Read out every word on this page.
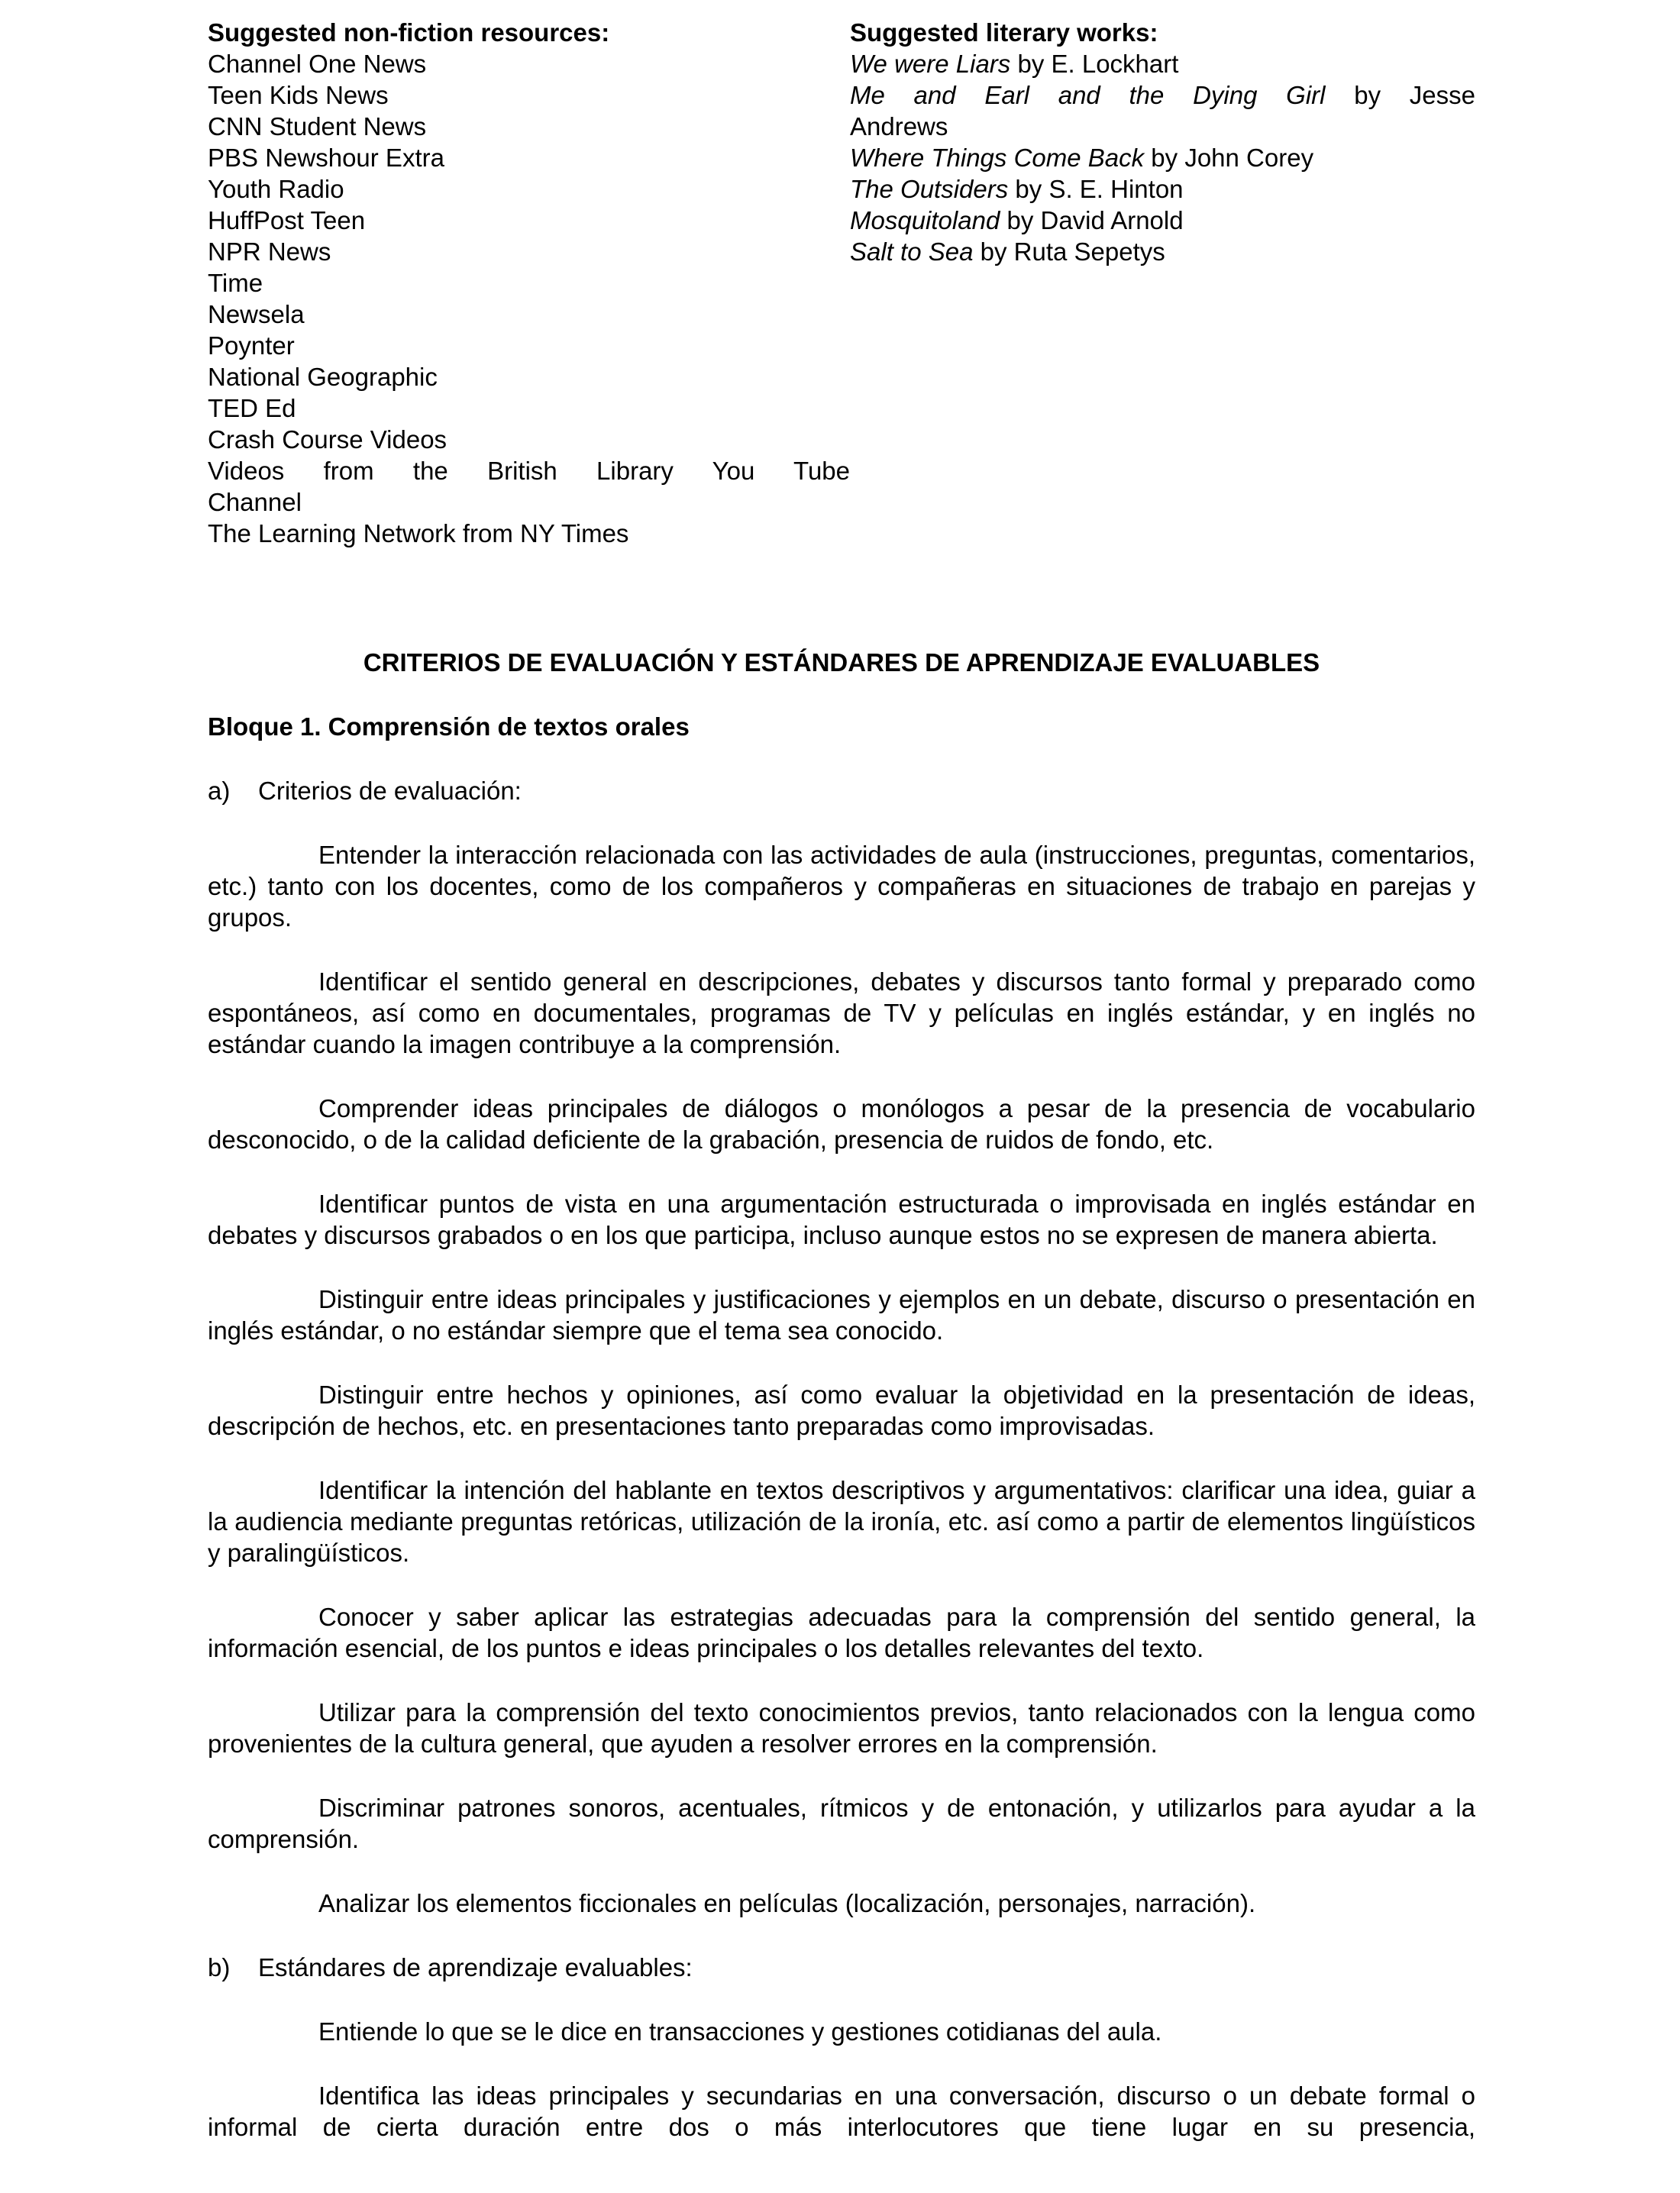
Suggested non-fiction resources:
Channel One News
Teen Kids News
CNN Student News
PBS Newshour Extra
Youth Radio
HuffPost Teen
NPR News
Time
Newsela
Poynter
National Geographic
TED Ed
Crash Course Videos
Videos from the British Library You Tube
Channel
The Learning Network from NY Times
Suggested literary works:
We were Liars by E. Lockhart
Me and Earl and the Dying Girl by Jesse
Andrews
Where Things Come Back by John Corey
The Outsiders by S. E. Hinton
Mosquitoland by David Arnold
Salt to Sea by Ruta Sepetys
CRITERIOS DE EVALUACIÓN Y ESTÁNDARES DE APRENDIZAJE EVALUABLES
Bloque 1. Comprensión de textos orales
a) Criterios de evaluación:

Entender la interacción relacionada con las actividades de aula (instrucciones, preguntas, comentarios, etc.) tanto con los docentes, como de los compañeros y compañeras en situaciones de trabajo en parejas y grupos.

Identificar el sentido general en descripciones, debates y discursos tanto formal y preparado como espontáneos, así como en documentales, programas de TV y películas en inglés estándar, y en inglés no estándar cuando la imagen contribuye a la comprensión.

Comprender ideas principales de diálogos o monólogos a pesar de la presencia de vocabulario desconocido, o de la calidad deficiente de la grabación, presencia de ruidos de fondo, etc.

Identificar puntos de vista en una argumentación estructurada o improvisada en inglés estándar en debates y discursos grabados o en los que participa, incluso aunque estos no se expresen de manera abierta.

Distinguir entre ideas principales y justificaciones y ejemplos en un debate, discurso o presentación en inglés estándar, o no estándar siempre que el tema sea conocido.

Distinguir entre hechos y opiniones, así como evaluar la objetividad en la presentación de ideas, descripción de hechos, etc. en presentaciones tanto preparadas como improvisadas.

Identificar la intención del hablante en textos descriptivos y argumentativos: clarificar una idea, guiar a la audiencia mediante preguntas retóricas, utilización de la ironía, etc. así como a partir de elementos lingüísticos y paralingüísticos.

Conocer y saber aplicar las estrategias adecuadas para la comprensión del sentido general, la información esencial, de los puntos e ideas principales o los detalles relevantes del texto.

Utilizar para la comprensión del texto conocimientos previos, tanto relacionados con la lengua como provenientes de la cultura general, que ayuden a resolver errores en la comprensión.

Discriminar patrones sonoros, acentuales, rítmicos y de entonación, y utilizarlos para ayudar a la comprensión.

Analizar los elementos ficcionales en películas (localización, personajes, narración).

b) Estándares de aprendizaje evaluables:

Entiende lo que se le dice en transacciones y gestiones cotidianas del aula.

Identifica las ideas principales y secundarias en una conversación, discurso o un debate formal o informal de cierta duración entre dos o más interlocutores que tiene lugar en su presencia,
